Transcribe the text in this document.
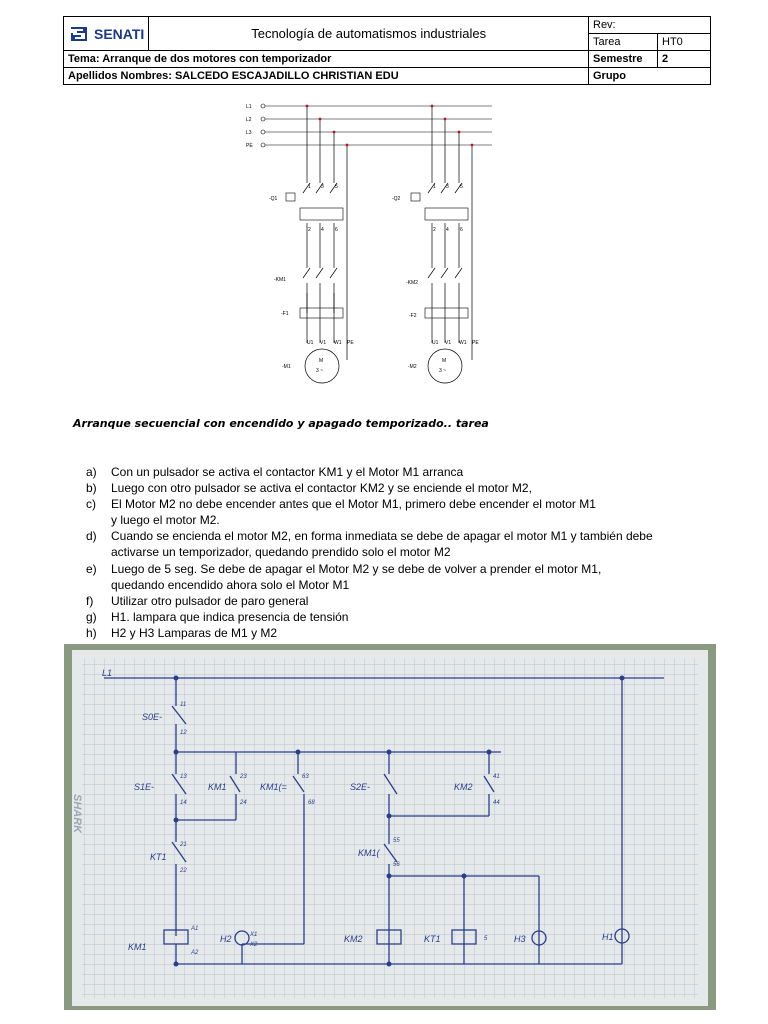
SENATI	Tecnología de automatismos industriales	Rev:	
		Tarea	HT0
Tema: Arranque de dos motores con temporizador		Semestre	2
Apellidos Nombres: SALCEDO ESCAJADILLO CHRISTIAN EDU		Grupo	
L1
L2
L3
PE
-Q1
-KM1
-F1
-M1
1 3 5
2 4 6
U1 V1 W1 PE
M
3 ~
-Q2
-KM2
-F2
-M2
1 3 5
2 4 6
U1 V1 W1 PE
M
3 ~
Arranque secuencial con encendido y apagado temporizado.. tarea
a) Con un pulsador se activa el contactor KM1 y el Motor M1 arranca
b) Luego con otro pulsador se activa el contactor KM2 y se enciende el motor M2,
c) El Motor M2 no debe encender antes que el Motor M1, primero debe encender el motor M1
y luego el motor M2.
d) Cuando se encienda el motor M2, en forma inmediata se debe de apagar el motor M1 y también debe
activarse un temporizador, quedando prendido solo el motor M2
e) Luego de 5 seg. Se debe de apagar el Motor M2 y se debe de volver a prender el motor M1,
quedando encendido ahora solo el Motor M1
f) Utilizar otro pulsador de paro general
g) H1. lampara que indica presencia de tensión
h) H2 y H3 Lamparas de M1 y M2
SHARK
L1
S0E-
S1E-	KM1	KM1(=	S2E-	KM2
KT1	KM1(
KM1
KM2	KT1
H2	H3	H1
11
12
13
14
23
24
63
68
41
44
55
56
21
22
A1
A2
X1
X2
5
